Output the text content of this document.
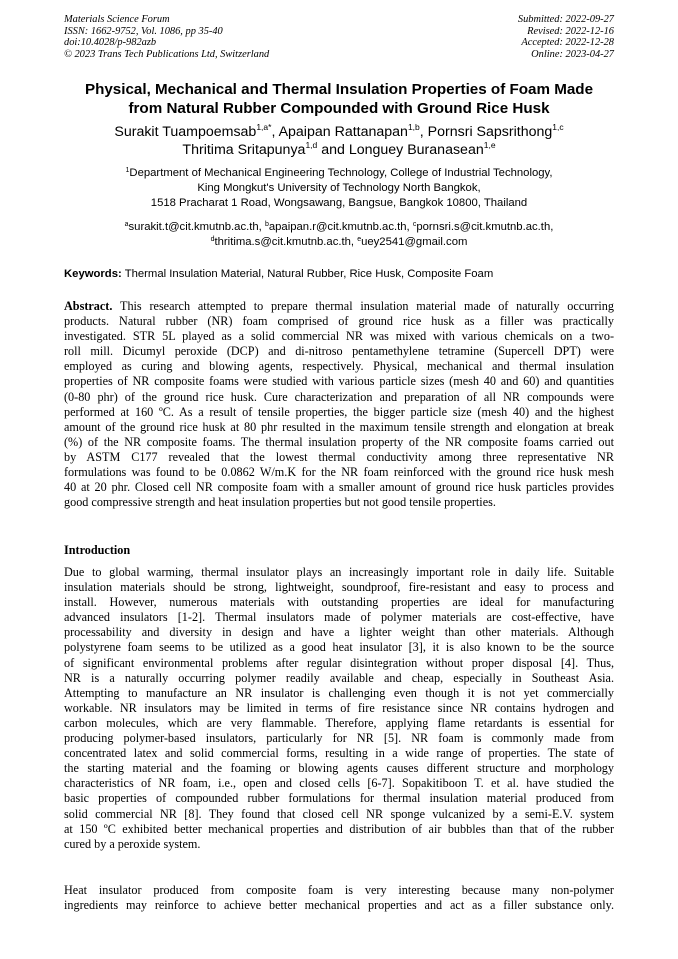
Materials Science Forum
ISSN: 1662-9752, Vol. 1086, pp 35-40
doi:10.4028/p-982azb
© 2023 Trans Tech Publications Ltd, Switzerland
Submitted: 2022-09-27
Revised: 2022-12-16
Accepted: 2022-12-28
Online: 2023-04-27
Physical, Mechanical and Thermal Insulation Properties of Foam Made
from Natural Rubber Compounded with Ground Rice Husk
Surakit Tuampoemsab$^{1,a*}$, Apaipan Rattanapan$^{1,b}$, Pornsri Sapsrithong$^{1,c}$
Thritima Sritapunya$^{1,d}$ and Longuey Buranasean$^{1,e}$
$^1$Department of Mechanical Engineering Technology, College of Industrial Technology,
King Mongkut's University of Technology North Bangkok,
1518 Pracharat 1 Road, Wongsawang, Bangsue, Bangkok 10800, Thailand
$^a$surakit.t@cit.kmutnb.ac.th, $^b$apaipan.r@cit.kmutnb.ac.th, $^c$pornsri.s@cit.kmutnb.ac.th,
$^d$thritima.s@cit.kmutnb.ac.th, $^e$uey2541@gmail.com
Keywords: Thermal Insulation Material, Natural Rubber, Rice Husk, Composite Foam
Abstract. This research attempted to prepare thermal insulation material made of naturally occurring
products. Natural rubber (NR) foam comprised of ground rice husk as a filler was practically
investigated. STR 5L played as a solid commercial NR was mixed with various chemicals on a two-
roll mill. Dicumyl peroxide (DCP) and di-nitroso pentamethylene tetramine (Supercell DPT) were
employed as curing and blowing agents, respectively. Physical, mechanical and thermal insulation
properties of NR composite foams were studied with various particle sizes (mesh 40 and 60) and quantities
(0-80 phr) of the ground rice husk. Cure characterization and preparation of all NR compounds were
performed at 160 ºC. As a result of tensile properties, the bigger particle size (mesh 40) and the highest
amount of the ground rice husk at 80 phr resulted in the maximum tensile strength and elongation at break
(%) of the NR composite foams. The thermal insulation property of the NR composite foams carried out
by ASTM C177 revealed that the lowest thermal conductivity among three representative NR
formulations was found to be 0.0862 W/m.K for the NR foam reinforced with the ground rice husk mesh
40 at 20 phr. Closed cell NR composite foam with a smaller amount of ground rice husk particles provides
good compressive strength and heat insulation properties but not good tensile properties.
Introduction
Due to global warming, thermal insulator plays an increasingly important role in daily life. Suitable
insulation materials should be strong, lightweight, soundproof, fire-resistant and easy to process and
install. However, numerous materials with outstanding properties are ideal for manufacturing
advanced insulators [1-2]. Thermal insulators made of polymer materials are cost-effective, have
processability and diversity in design and have a lighter weight than other materials. Although
polystyrene foam seems to be utilized as a good heat insulator [3], it is also known to be the source
of significant environmental problems after regular disintegration without proper disposal [4]. Thus,
NR is a naturally occurring polymer readily available and cheap, especially in Southeast Asia.
Attempting to manufacture an NR insulator is challenging even though it is not yet commercially
workable. NR insulators may be limited in terms of fire resistance since NR contains hydrogen and
carbon molecules, which are very flammable. Therefore, applying flame retardants is essential for
producing polymer-based insulators, particularly for NR [5]. NR foam is commonly made from
concentrated latex and solid commercial forms, resulting in a wide range of properties. The state of
the starting material and the foaming or blowing agents causes different structure and morphology
characteristics of NR foam, i.e., open and closed cells [6-7]. Sopakitiboon T. et al. have studied the
basic properties of compounded rubber formulations for thermal insulation material produced from
solid commercial NR [8]. They found that closed cell NR sponge vulcanized by a semi-E.V. system
at 150 ºC exhibited better mechanical properties and distribution of air bubbles than that of the rubber
cured by a peroxide system.
Heat insulator produced from composite foam is very interesting because many non-polymer
ingredients may reinforce to achieve better mechanical properties and act as a filler substance only.
